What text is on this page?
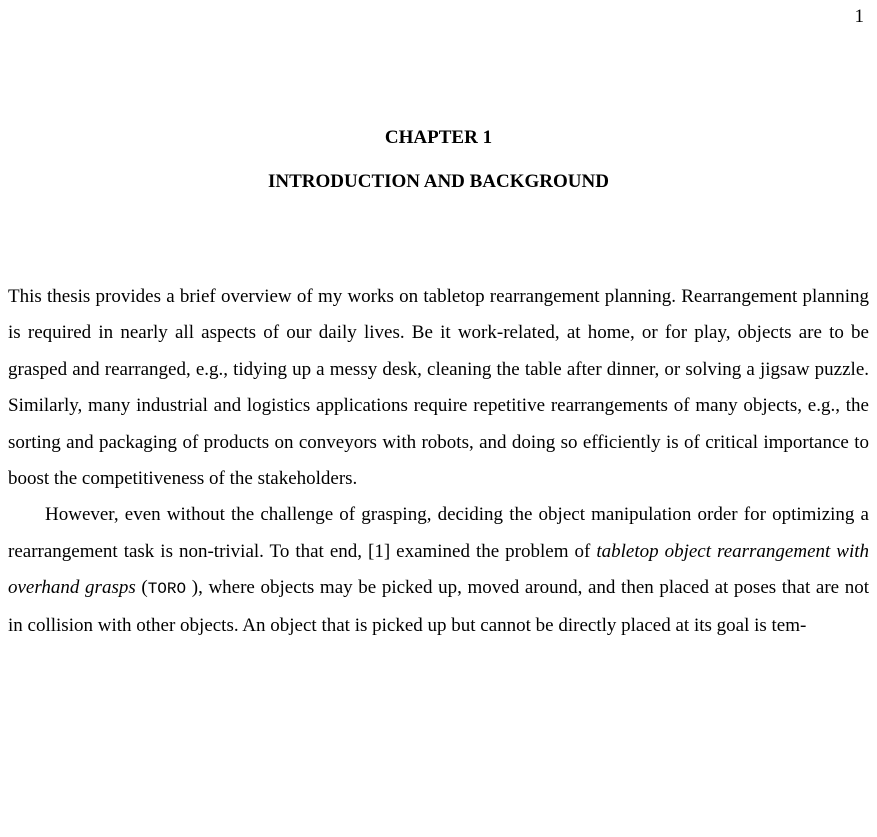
1
CHAPTER 1
INTRODUCTION AND BACKGROUND

This thesis provides a brief overview of my works on tabletop rearrangement planning. Rearrangement planning is required in nearly all aspects of our daily lives. Be it work-related, at home, or for play, objects are to be grasped and rearranged, e.g., tidying up a messy desk, cleaning the table after dinner, or solving a jigsaw puzzle. Similarly, many industrial and logistics applications require repetitive rearrangements of many objects, e.g., the sorting and packaging of products on conveyors with robots, and doing so efficiently is of critical importance to boost the competitiveness of the stakeholders.

However, even without the challenge of grasping, deciding the object manipulation order for optimizing a rearrangement task is non-trivial. To that end, [1] examined the problem of tabletop object rearrangement with overhand grasps (TORO ), where objects may be picked up, moved around, and then placed at poses that are not in collision with other objects. An object that is picked up but cannot be directly placed at its goal is tem-
